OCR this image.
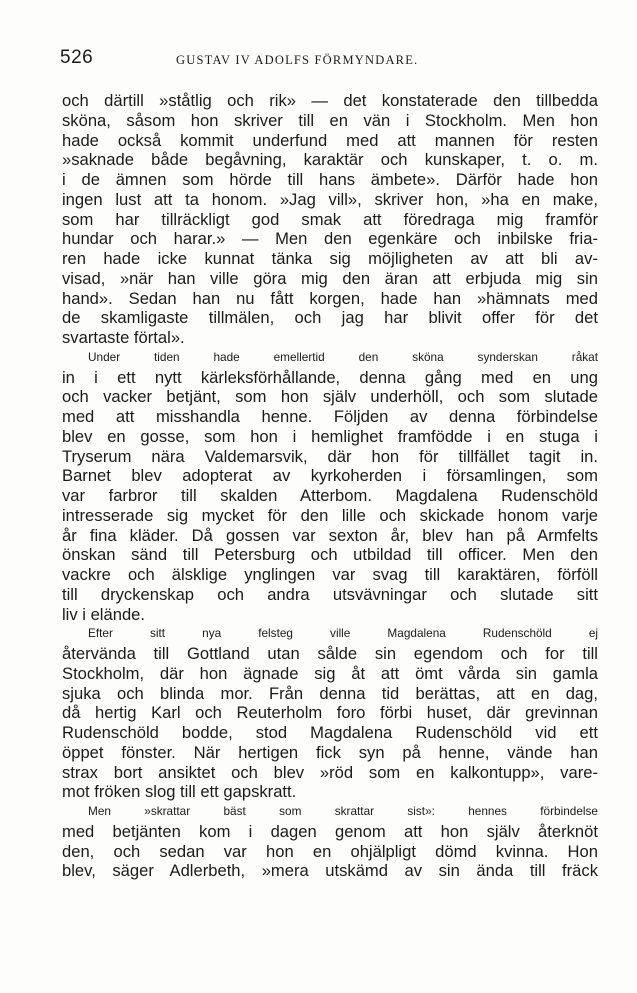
526	GUSTAV IV ADOLFS FÖRMYNDARE.
och därtill »ståtlig och rik» — det konstaterade den tillbedda
sköna, såsom hon skriver till en vän i Stockholm. Men hon
hade också kommit underfund med att mannen för resten
»saknade både begåvning, karaktär och kunskaper, t. o. m.
i de ämnen som hörde till hans ämbete». Därför hade hon
ingen lust att ta honom. »Jag vill», skriver hon, »ha en make,
som har tillräckligt god smak att föredraga mig framför
hundar och harar.» — Men den egenkäre och inbilske fria-
ren hade icke kunnat tänka sig möjligheten av att bli av-
visad, »när han ville göra mig den äran att erbjuda mig sin
hand». Sedan han nu fått korgen, hade han »hämnats med
de skamligaste tillmälen, och jag har blivit offer för det
svartaste förtal».
Under tiden hade emellertid den sköna synderskan råkat
in i ett nytt kärleksförhållande, denna gång med en ung
och vacker betjänt, som hon själv underhöll, och som slutade
med att misshandla henne. Följden av denna förbindelse
blev en gosse, som hon i hemlighet framfödde i en stuga i
Tryserum nära Valdemarsvik, där hon för tillfället tagit in.
Barnet blev adopterat av kyrkoherden i församlingen, som
var farbror till skalden Atterbom. Magdalena Rudenschöld
intresserade sig mycket för den lille och skickade honom varje
år fina kläder. Då gossen var sexton år, blev han på Armfelts
önskan sänd till Petersburg och utbildad till officer. Men den
vackre och älsklige ynglingen var svag till karaktären, förföll
till dryckenskap och andra utsvävningar och slutade sitt
liv i elände.
Efter sitt nya felsteg ville Magdalena Rudenschöld ej
återvända till Gottland utan sålde sin egendom och for till
Stockholm, där hon ägnade sig åt att ömt vårda sin gamla
sjuka och blinda mor. Från denna tid berättas, att en dag,
då hertig Karl och Reuterholm foro förbi huset, där grevinnan
Rudenschöld bodde, stod Magdalena Rudenschöld vid ett
öppet fönster. När hertigen fick syn på henne, vände han
strax bort ansiktet och blev »röd som en kalkontupp», vare-
mot fröken slog till ett gapskratt.
Men »skrattar bäst som skrattar sist»: hennes förbindelse
med betjänten kom i dagen genom att hon själv återknöt
den, och sedan var hon en ohjälpligt dömd kvinna. Hon
blev, säger Adlerbeth, »mera utskämd av sin ända till fräck
